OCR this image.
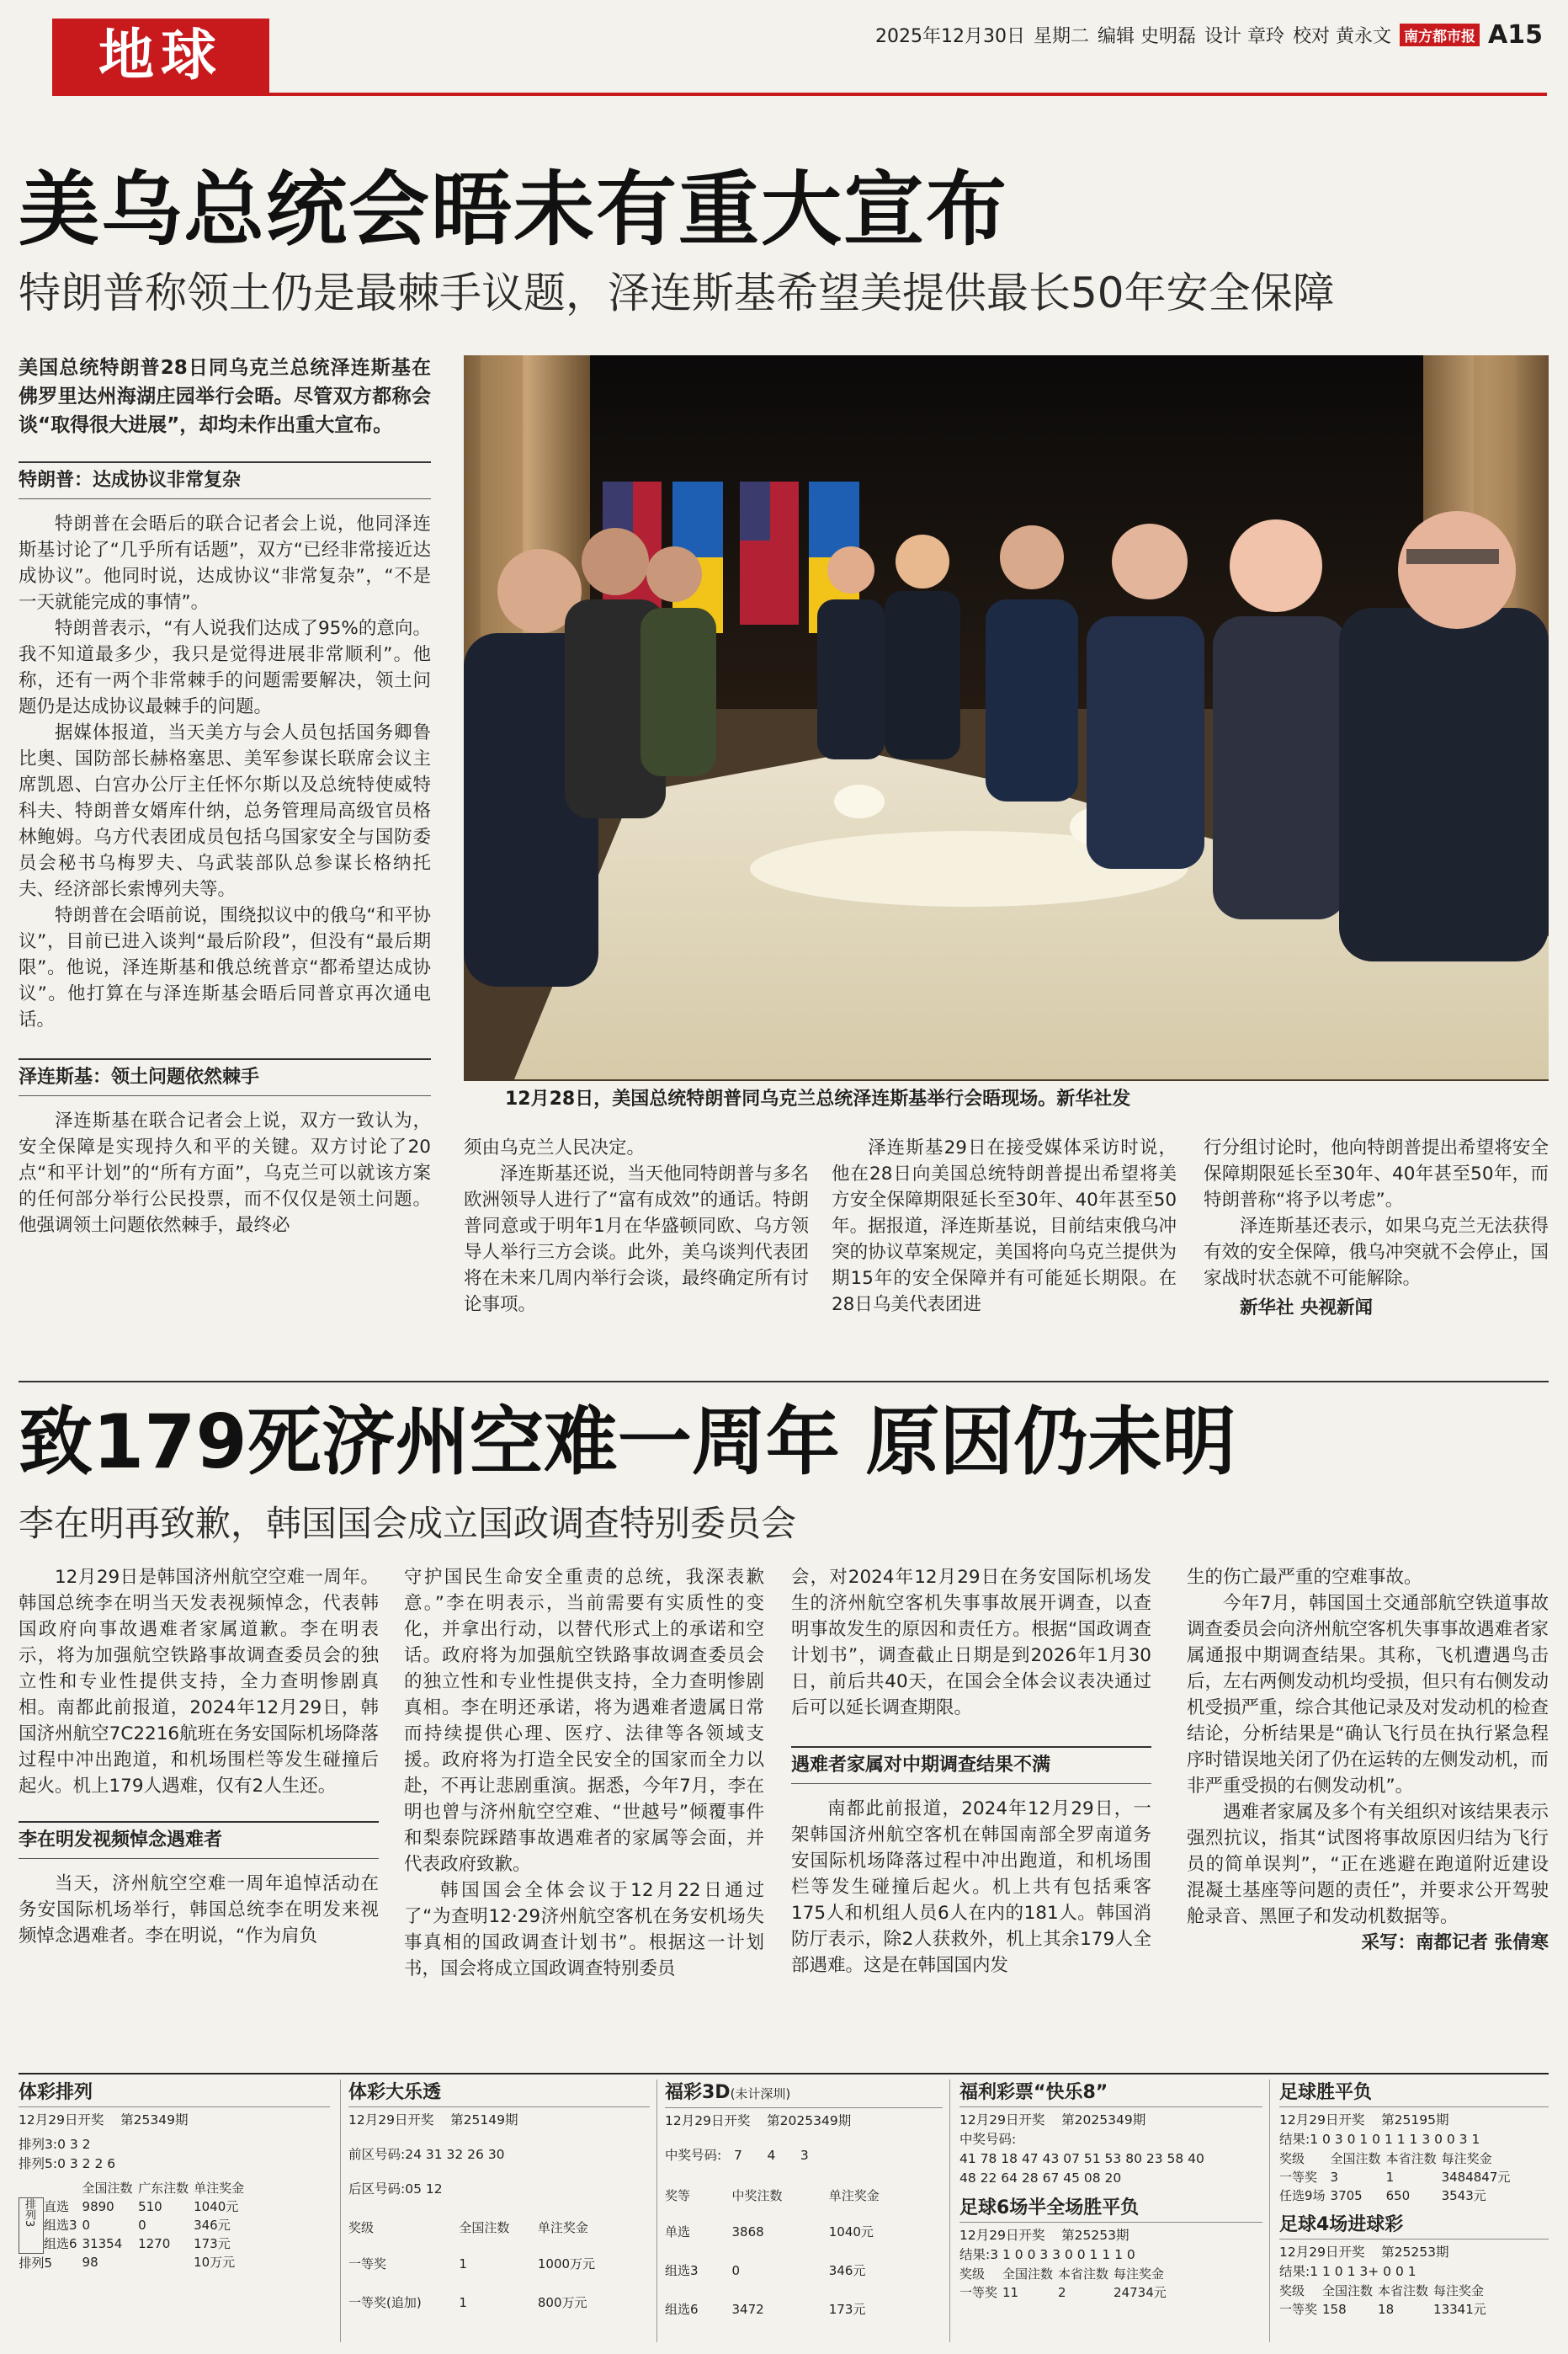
地球	2025年12月30日 星期二 编辑 史明磊 设计 章玲 校对 黄永文 南方都市报 A15
美乌总统会晤未有重大宣布
特朗普称领土仍是最棘手议题，泽连斯基希望美提供最长50年安全保障

美国总统特朗普28日同乌克兰总统泽连斯基在佛罗里达州海湖庄园举行会晤。尽管双方都称会谈“取得很大进展”，却均未作出重大宣布。

特朗普：达成协议非常复杂

特朗普在会晤后的联合记者会上说，他同泽连斯基讨论了“几乎所有话题”，双方“已经非常接近达成协议”。他同时说，达成协议“非常复杂”，“不是一天就能完成的事情”。

特朗普表示，“有人说我们达成了95%的意向。我不知道最多少，我只是觉得进展非常顺利”。他称，还有一两个非常棘手的问题需要解决，领土问题仍是达成协议最棘手的问题。

据媒体报道，当天美方与会人员包括国务卿鲁比奥、国防部长赫格塞思、美军参谋长联席会议主席凯恩、白宫办公厅主任怀尔斯以及总统特使威特科夫、特朗普女婿库什纳，总务管理局高级官员格林鲍姆。乌方代表团成员包括乌国家安全与国防委员会秘书乌梅罗夫、乌武装部队总参谋长格纳托夫、经济部长索博列夫等。

特朗普在会晤前说，围绕拟议中的俄乌“和平协议”，目前已进入谈判“最后阶段”，但没有“最后期限”。他说，泽连斯基和俄总统普京“都希望达成协议”。他打算在与泽连斯基会晤后同普京再次通电话。

泽连斯基：领土问题依然棘手

泽连斯基在联合记者会上说，双方一致认为，安全保障是实现持久和平的关键。双方讨论了20点“和平计划”的“所有方面”，乌克兰可以就该方案的任何部分举行公民投票，而不仅仅是领土问题。他强调领土问题依然棘手，最终必

12月28日，美国总统特朗普同乌克兰总统泽连斯基举行会晤现场。新华社发

须由乌克兰人民决定。

泽连斯基还说，当天他同特朗普与多名欧洲领导人进行了“富有成效”的通话。特朗普同意或于明年1月在华盛顿同欧、乌方领导人举行三方会谈。此外，美乌谈判代表团将在未来几周内举行会谈，最终确定所有讨论事项。

泽连斯基29日在接受媒体采访时说，他在28日向美国总统特朗普提出希望将美方安全保障期限延长至30年、40年甚至50年。据报道，泽连斯基说，目前结束俄乌冲突的协议草案规定，美国将向乌克兰提供为期15年的安全保障并有可能延长期限。在28日乌美代表团进

行分组讨论时，他向特朗普提出希望将安全保障期限延长至30年、40年甚至50年，而特朗普称“将予以考虑”。

泽连斯基还表示，如果乌克兰无法获得有效的安全保障，俄乌冲突就不会停止，国家战时状态就不可能解除。

新华社 央视新闻

致179死济州空难一周年 原因仍未明
李在明再致歉，韩国国会成立国政调查特别委员会

12月29日是韩国济州航空空难一周年。韩国总统李在明当天发表视频悼念，代表韩国政府向事故遇难者家属道歉。李在明表示，将为加强航空铁路事故调查委员会的独立性和专业性提供支持，全力查明惨剧真相。南都此前报道，2024年12月29日，韩国济州航空7C2216航班在务安国际机场降落过程中冲出跑道，和机场围栏等发生碰撞后起火。机上179人遇难，仅有2人生还。

李在明发视频悼念遇难者

当天，济州航空空难一周年追悼活动在务安国际机场举行，韩国总统李在明发来视频悼念遇难者。李在明说，“作为肩负

守护国民生命安全重责的总统，我深表歉意。”李在明表示，当前需要有实质性的变化，并拿出行动，以替代形式上的承诺和空话。政府将为加强航空铁路事故调查委员会的独立性和专业性提供支持，全力查明惨剧真相。李在明还承诺，将为遇难者遗属日常而持续提供心理、医疗、法律等各领域支援。政府将为打造全民安全的国家而全力以赴，不再让悲剧重演。据悉，今年7月，李在明也曾与济州航空空难、“世越号”倾覆事件和梨泰院踩踏事故遇难者的家属等会面，并代表政府致歉。

韩国国会全体会议于12月22日通过了“为查明12·29济州航空客机在务安机场失事真相的国政调查计划书”。根据这一计划书，国会将成立国政调查特别委员

会，对2024年12月29日在务安国际机场发生的济州航空客机失事事故展开调查，以查明事故发生的原因和责任方。根据“国政调查计划书”，调查截止日期是到2026年1月30日，前后共40天，在国会全体会议表决通过后可以延长调查期限。

遇难者家属对中期调查结果不满

南都此前报道，2024年12月29日，一架韩国济州航空客机在韩国南部全罗南道务安国际机场降落过程中冲出跑道，和机场围栏等发生碰撞后起火。机上共有包括乘客175人和机组人员6人在内的181人。韩国消防厅表示，除2人获救外，机上其余179人全部遇难。这是在韩国国内发

生的伤亡最严重的空难事故。

今年7月，韩国国土交通部航空铁道事故调查委员会向济州航空客机失事事故遇难者家属通报中期调查结果。其称，飞机遭遇鸟击后，左右两侧发动机均受损，但只有右侧发动机受损严重，综合其他记录及对发动机的检查结论，分析结果是“确认飞行员在执行紧急程序时错误地关闭了仍在运转的左侧发动机，而非严重受损的右侧发动机”。

遇难者家属及多个有关组织对该结果表示强烈抗议，指其“试图将事故原因归结为飞行员的简单误判”，“正在逃避在跑道附近建设混凝土基座等问题的责任”，并要求公开驾驶舱录音、黑匣子和发动机数据等。

采写：南都记者 张倩寒

体彩排列
12月29日开奖 第25349期
排列3:0 3 2
排列5:0 3 2 2 6
		全国注数	广东注数	单注奖金
排列3	直选	9890	510	1040元
	组选3	0	0	346元
	组选6	31354	1270	173元
排列5		98		10万元
体彩大乐透
12月29日开奖 第25149期
前区号码:24 31 32 26 30
后区号码:05 12
奖级	全国注数	单注奖金
一等奖	1	1000万元
一等奖(追加)	1	800万元
福彩3D(未计深圳)
12月29日开奖 第2025349期
中奖号码: 7 4 3
奖等	中奖注数	单注奖金
单选	3868	1040元
组选3	0	346元
组选6	3472	173元
福利彩票“快乐8”
12月29日开奖 第2025349期
中奖号码:
41 78 18 47 43 07 51 53 80 23 58 40
48 22 64 28 67 45 08 20
足球6场半全场胜平负
12月29日开奖 第25253期
结果:3 1 0 0 3 3 0 0 1 1 1 0
奖级	全国注数	本省注数	每注奖金
一等奖	11	2	24734元
足球胜平负
12月29日开奖 第25195期
结果:1 0 3 0 1 0 1 1 1 3 0 0 3 1
奖级	全国注数	本省注数	每注奖金
一等奖	3	1	3484847元
任选9场	3705	650	3543元
足球4场进球彩
12月29日开奖 第25253期
结果:1 1 0 1 3+ 0 0 1
奖级	全国注数	本省注数	每注奖金
一等奖	158	18	13341元
